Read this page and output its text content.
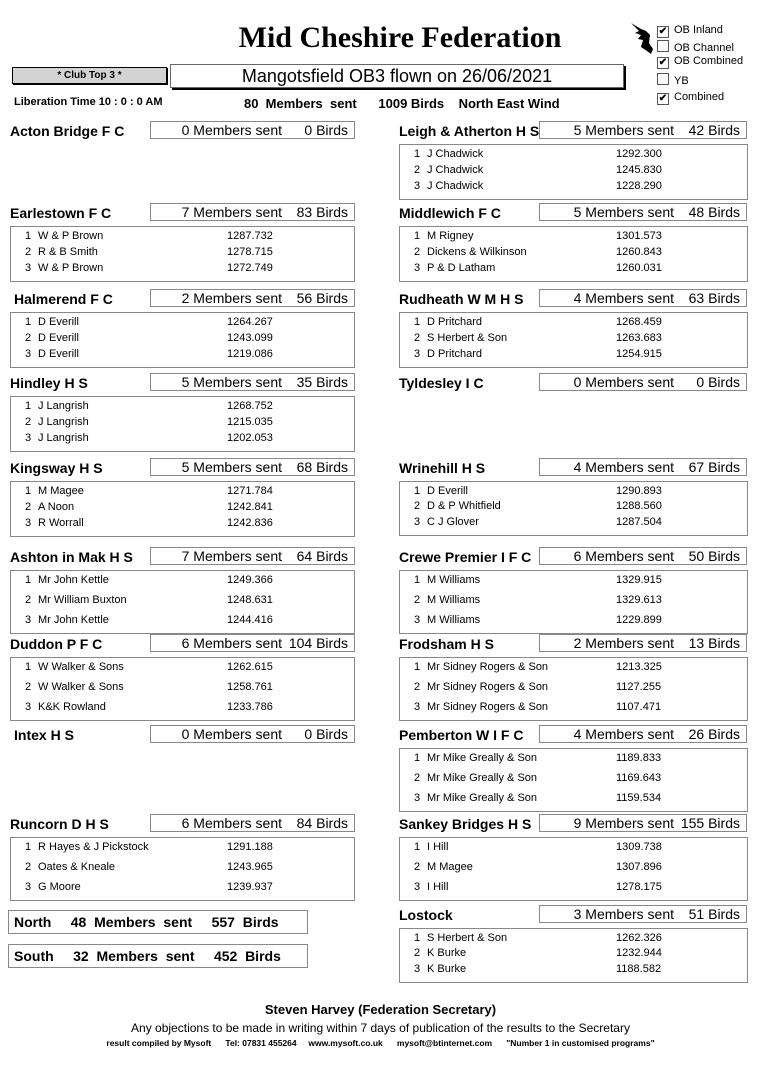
Mid Cheshire Federation	✔ OB Inland
OB Channel
✔ OB Combined
YB
✔ Combined
* Club Top 3 *	Mangotsfield OB3 flown on 26/06/2021
Liberation Time 10 : 0 : 0 AM	80  Members  sent      1009 Birds    North East Wind
Acton Bridge F C	0 Members sent 0 Birds
Earlestown F C	7 Members sent 83 Birds
1 W & P Brown	1287.732
2 R & B Smith	1278.715
3 W & P Brown	1272.749
Halmerend F C	2 Members sent 56 Birds
1 D Everill	1264.267
2 D Everill	1243.099
3 D Everill	1219.086
Hindley H S	5 Members sent 35 Birds
1 J Langrish	1268.752
2 J Langrish	1215.035
3 J Langrish	1202.053
Kingsway H S	5 Members sent 68 Birds
1 M Magee	1271.784
2 A Noon	1242.841
3 R Worrall	1242.836
Ashton in Mak H S	7 Members sent 64 Birds
1 Mr John Kettle	1249.366
2 Mr William Buxton	1248.631
3 Mr John Kettle	1244.416
Duddon P F C	6 Members sent 104 Birds
1 W Walker & Sons	1262.615
2 W Walker & Sons	1258.761
3 K&K Rowland	1233.786
Intex H S	0 Members sent 0 Birds
Runcorn D H S	6 Members sent 84 Birds
1 R Hayes & J Pickstock	1291.188
2 Oates & Kneale	1243.965
3 G Moore	1239.937
Leigh & Atherton H S 5 Members sent 42 Birds
1 J Chadwick	1292.300
2 J Chadwick	1245.830
3 J Chadwick	1228.290
Middlewich F C	5 Members sent 48 Birds
1 M Rigney	1301.573
2 Dickens & Wilkinson	1260.843
3 P & D Latham	1260.031
Rudheath W M H S	4 Members sent 63 Birds
1 D Pritchard	1268.459
2 S Herbert & Son	1263.683
3 D Pritchard	1254.915
Tyldesley I C	0 Members sent 0 Birds
Wrinehill H S	4 Members sent 67 Birds
1 D Everill	1290.893
2 D & P Whitfield	1288.560
3 C J Glover	1287.504
Crewe Premier I F C	6 Members sent 50 Birds
1 M Williams	1329.915
2 M Williams	1329.613
3 M Williams	1229.899
Frodsham H S	2 Members sent 13 Birds
1 Mr Sidney Rogers & Son	1213.325
2 Mr Sidney Rogers & Son	1127.255
3 Mr Sidney Rogers & Son	1107.471
Pemberton W I F C	4 Members sent 26 Birds
1 Mr Mike Greally & Son	1189.833
2 Mr Mike Greally & Son	1169.643
3 Mr Mike Greally & Son	1159.534
Sankey Bridges H S	9 Members sent 155 Birds
1 I Hill	1309.738
2 M Magee	1307.896
3 I Hill	1278.175
Lostock	3 Members sent 51 Birds
1 S Herbert & Son	1262.326
2 K Burke	1232.944
3 K Burke	1188.582
North     48  Members  sent     557  Birds
South     32  Members  sent     452  Birds
Steven Harvey (Federation Secretary)
Any objections to be made in writing within 7 days of publication of the results to the Secretary
result compiled by Mysoft      Tel: 07831 455264     www.mysoft.co.uk      mysoft@btinternet.com      "Number 1 in customised programs"
